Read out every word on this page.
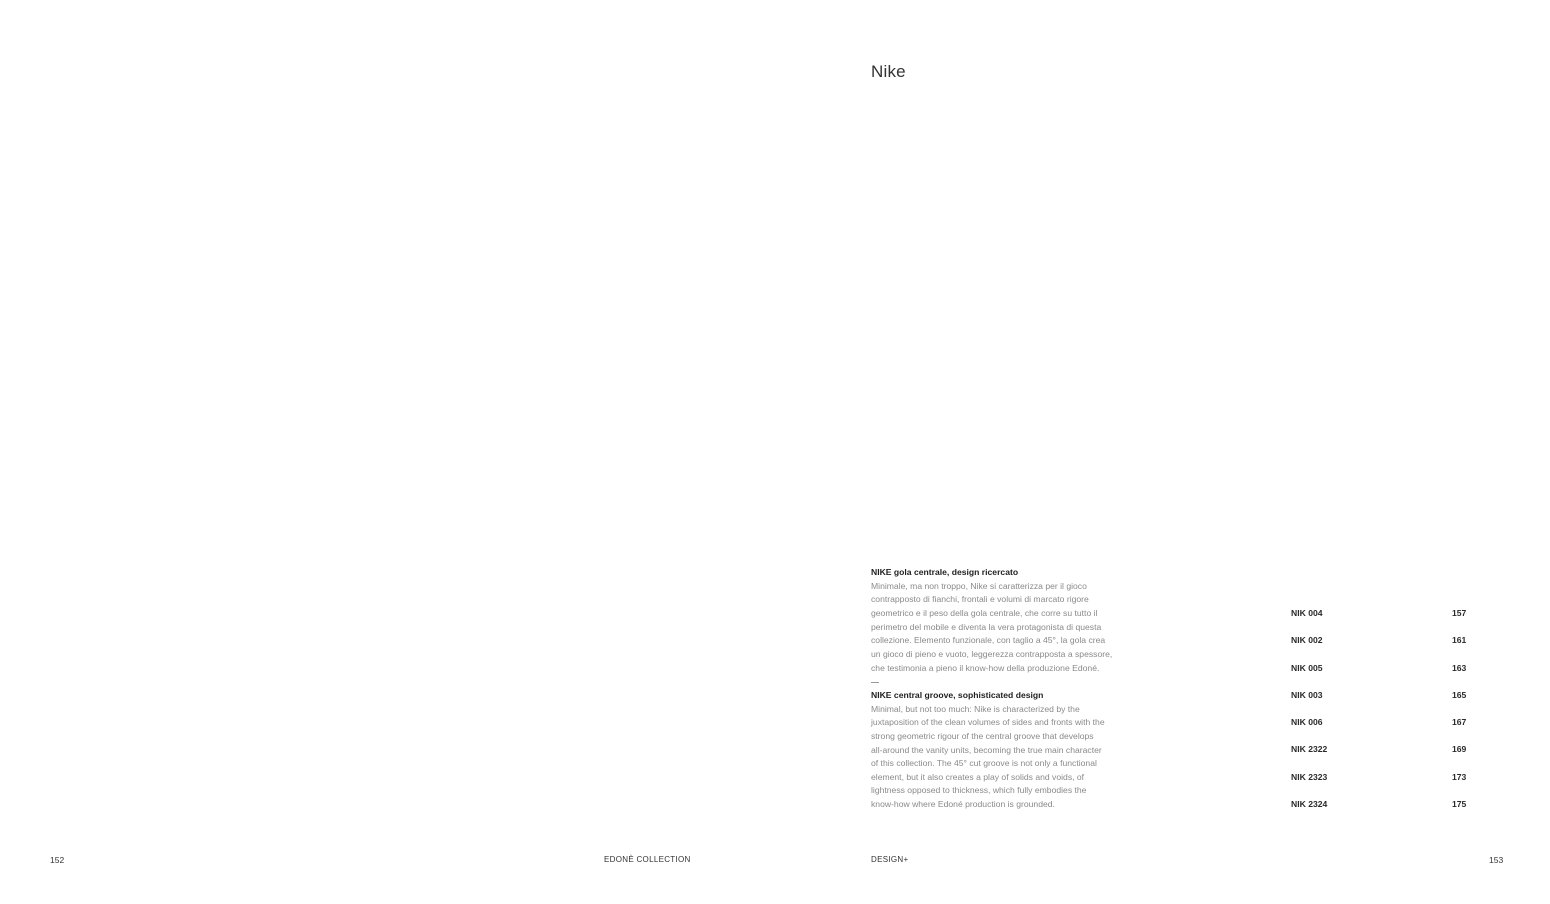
Nike

NIKE gola centrale, design ricercato

Minimale, ma non troppo, Nike si caratterizza per il gioco
contrapposto di fianchi, frontali e volumi di marcato rigore
geometrico e il peso della gola centrale, che corre su tutto il
perimetro del mobile e diventa la vera protagonista di questa
collezione. Elemento funzionale, con taglio a 45°, la gola crea
un gioco di pieno e vuoto, leggerezza contrapposta a spessore,
che testimonia a pieno il know-how della produzione Edoné.

NIKE central groove, sophisticated design

Minimal, but not too much: Nike is characterized by the
juxtaposition of the clean volumes of sides and fronts with the
strong geometric rigour of the central groove that develops
all-around the vanity units, becoming the true main character
of this collection. The 45° cut groove is not only a functional
element, but it also creates a play of solids and voids, of
lightness opposed to thickness, which fully embodies the
know-how where Edoné production is grounded.

NIK 004	157
NIK 002	161
NIK 005	163
NIK 003	165
NIK 006	167
NIK 2322	169
NIK 2323	173
NIK 2324	175
152	EDONÈ COLLECTION	DESIGN+	153
